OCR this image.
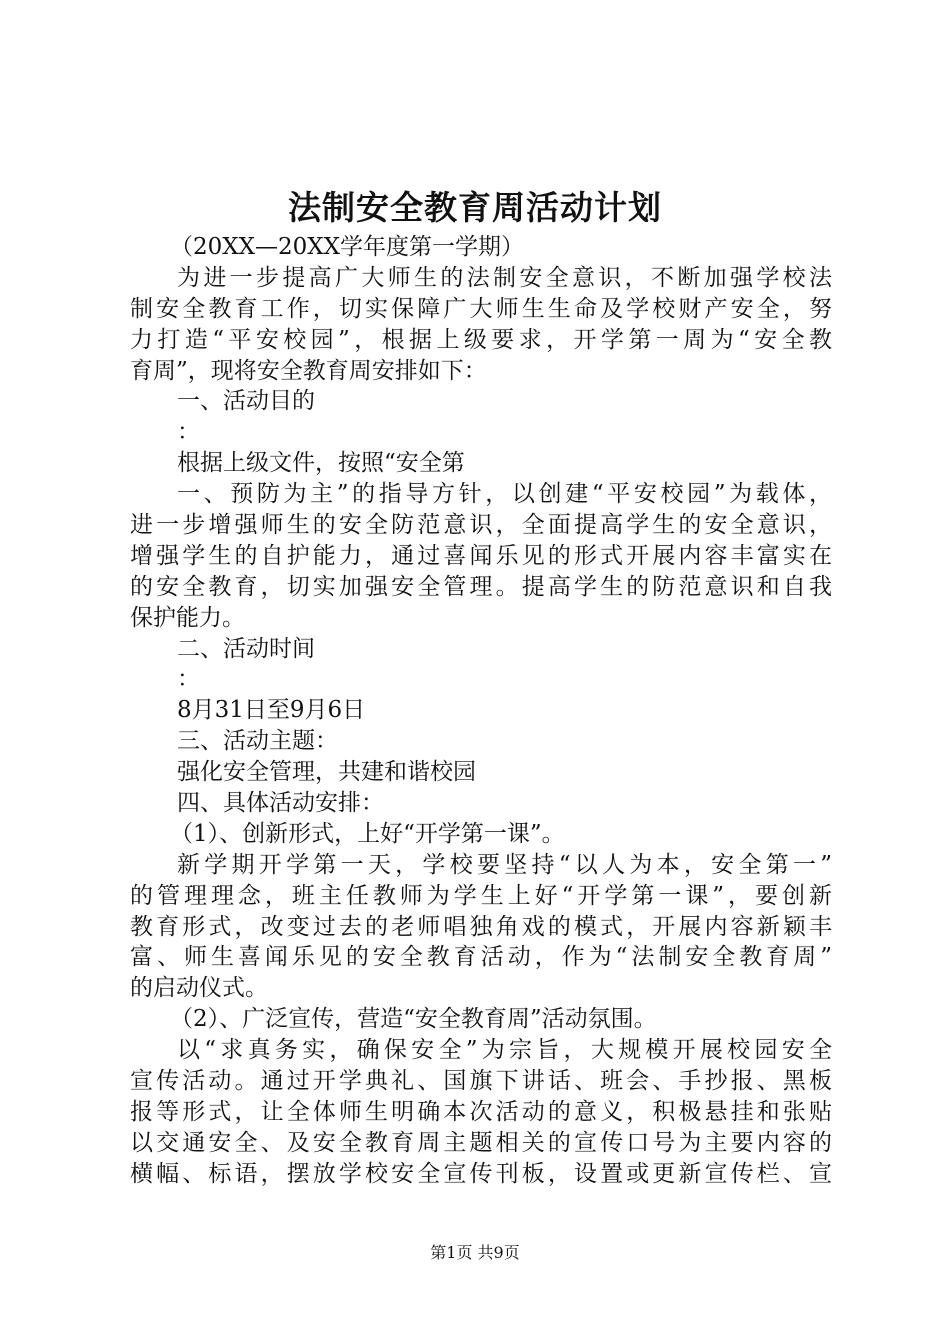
法制安全教育周活动计划
（20XX—20XX学年度第一学期）
为进一步提高广大师生的法制安全意识，不断加强学校法
制安全教育工作，切实保障广大师生生命及学校财产安全，努
力打造“平安校园”，根据上级要求，开学第一周为“安全教
育周”，现将安全教育周安排如下：
一、活动目的
：
根据上级文件，按照“安全第
一、预防为主”的指导方针，以创建“平安校园”为载体，
进一步增强师生的安全防范意识，全面提高学生的安全意识，
增强学生的自护能力，通过喜闻乐见的形式开展内容丰富实在
的安全教育，切实加强安全管理。提高学生的防范意识和自我
保护能力。
二、活动时间
：
8月31日至9月6日
三、活动主题：
强化安全管理，共建和谐校园
四、具体活动安排：
（1）、创新形式，上好“开学第一课”。
新学期开学第一天，学校要坚持“以人为本，安全第一”
的管理理念，班主任教师为学生上好“开学第一课”，要创新
教育形式，改变过去的老师唱独角戏的模式，开展内容新颖丰
富、师生喜闻乐见的安全教育活动，作为“法制安全教育周”
的启动仪式。
（2）、广泛宣传，营造“安全教育周”活动氛围。
以“求真务实，确保安全”为宗旨，大规模开展校园安全
宣传活动。通过开学典礼、国旗下讲话、班会、手抄报、黑板
报等形式，让全体师生明确本次活动的意义，积极悬挂和张贴
以交通安全、及安全教育周主题相关的宣传口号为主要内容的
横幅、标语，摆放学校安全宣传刊板，设置或更新宣传栏、宣
第1页 共9页
